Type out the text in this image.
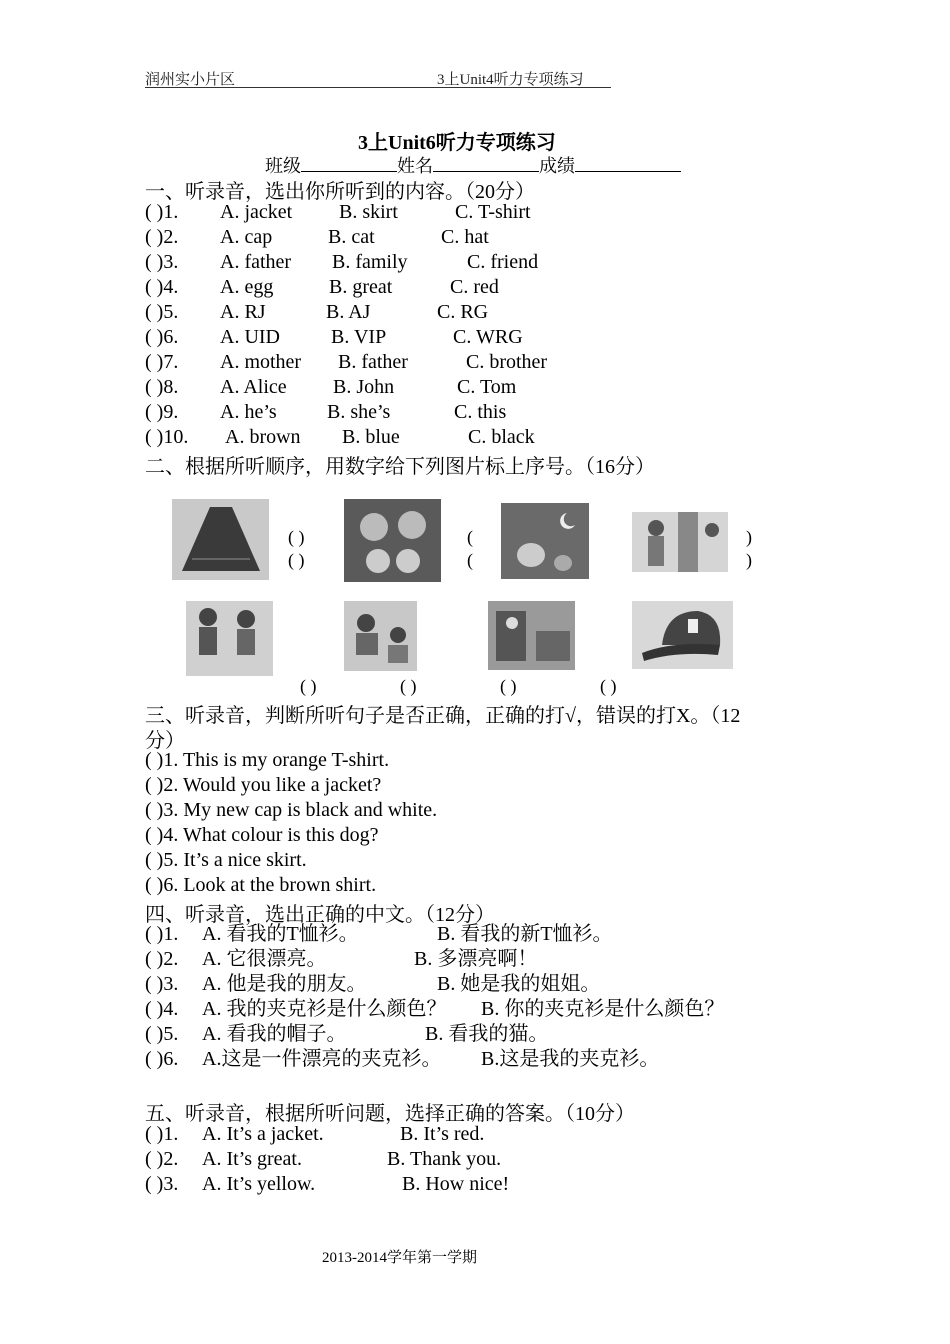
润州实小片区	3上Unit4听力专项练习
3上Unit6听力专项练习
班级	姓名	成绩
一、听录音，选出你所听到的内容。（20分）
( )1. A. jacket B. skirt	C. T-shirt
( )2. A. cap	B. cat	C. hat
( )3. A. father B. family	C. friend
( )4. A. egg	B. great	C. red
( )5. A. RJ	B. AJ	C. RG
( )6. A. UID	B. VIP	C. WRG
( )7. A. mother B. father	C. brother
( )8. A. Alice B. John	C. Tom
( )9. A. he’s	B. she’s	C. this
( )10. A. brown B. blue	C. black
二、根据所听顺序，用数字给下列图片标上序号。（16分）
( )
( )
(
(
)
)
( )	( )	( )	( )
三、听录音，判断所听句子是否正确，正确的打√，错误的打X。（12
分）
( )1. This is my orange T-shirt.
( )2. Would you like a jacket?
( )3. My new cap is black and white.
( )4. What colour is this dog?
( )5. It’s a nice skirt.
( )6. Look at the brown shirt.
四、听录音，选出正确的中文。（12分）
( )1. A. 看我的T恤衫。	B. 看我的新T恤衫。
( )2. A. 它很漂亮。	B. 多漂亮啊！
( )3. A. 他是我的朋友。	B. 她是我的姐姐。
( )4. A. 我的夹克衫是什么颜色？ B. 你的夹克衫是什么颜色？
( )5. A. 看我的帽子。	B. 看我的猫。
( )6. A.这是一件漂亮的夹克衫。 B.这是我的夹克衫。
五、听录音，根据所听问题，选择正确的答案。（10分）
( )1. A. It’s a jacket.	B. It’s red.
( )2. A. It’s great.	B. Thank you.
( )3. A. It’s yellow.	B. How nice!
2013-2014学年第一学期
